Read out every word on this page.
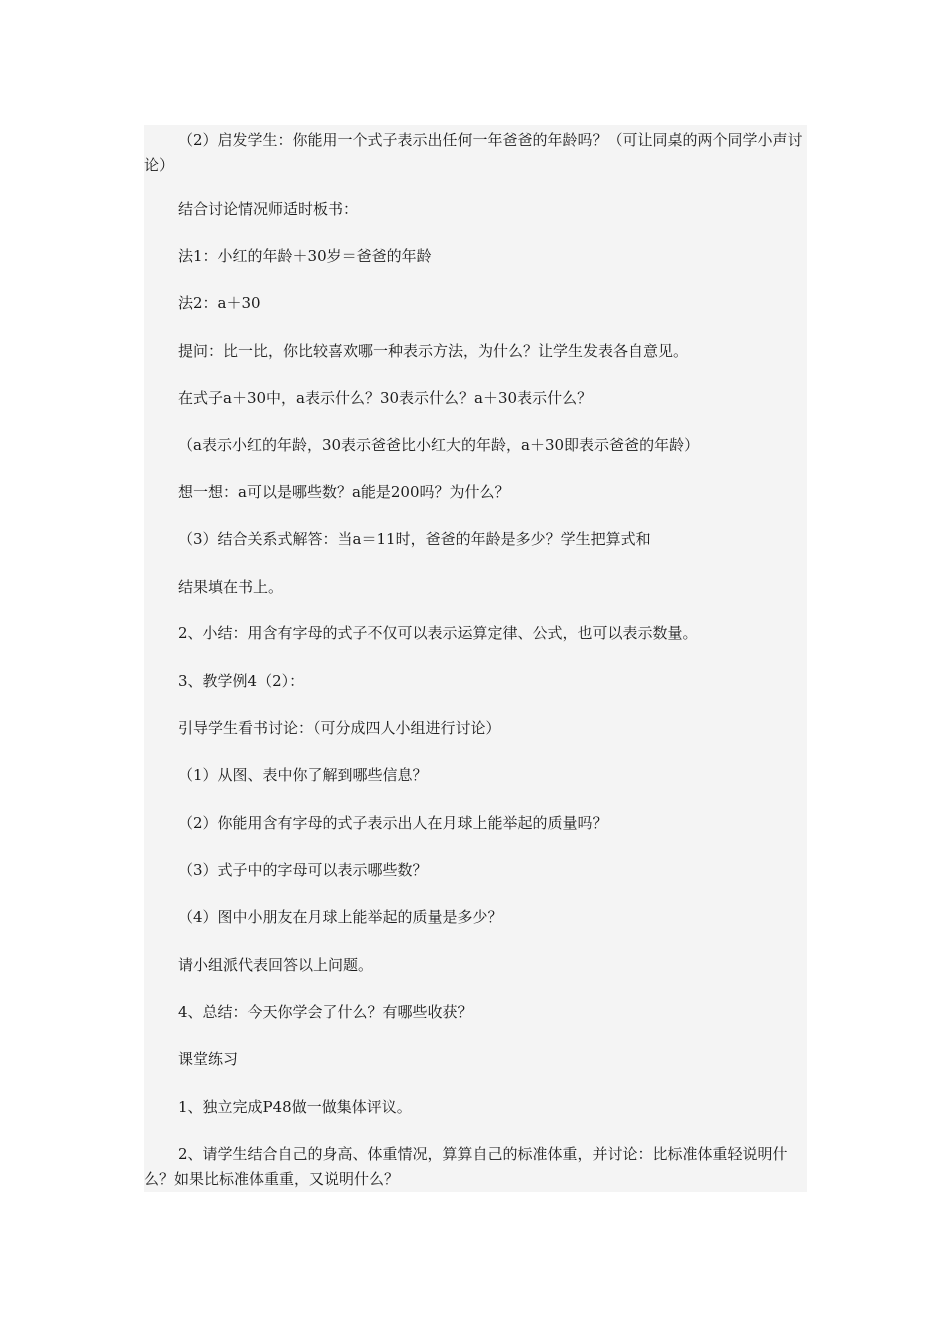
（2）启发学生：你能用一个式子表示出任何一年爸爸的年龄吗？（可让同桌的两个同学小声讨论）
结合讨论情况师适时板书：
法1：小红的年龄＋30岁＝爸爸的年龄
法2：a＋30
提问：比一比，你比较喜欢哪一种表示方法，为什么？让学生发表各自意见。
在式子a＋30中，a表示什么？30表示什么？a＋30表示什么？
（a表示小红的年龄，30表示爸爸比小红大的年龄，a＋30即表示爸爸的年龄）
想一想：a可以是哪些数？a能是200吗？为什么？
（3）结合关系式解答：当a＝11时，爸爸的年龄是多少？学生把算式和
结果填在书上。
2、小结：用含有字母的式子不仅可以表示运算定律、公式，也可以表示数量。
3、教学例4（2）：
引导学生看书讨论：（可分成四人小组进行讨论）
（1）从图、表中你了解到哪些信息？
（2）你能用含有字母的式子表示出人在月球上能举起的质量吗？
（3）式子中的字母可以表示哪些数？
（4）图中小朋友在月球上能举起的质量是多少？
请小组派代表回答以上问题。
4、总结：今天你学会了什么？有哪些收获？
课堂练习
1、独立完成P48做一做集体评议。
2、请学生结合自己的身高、体重情况，算算自己的标准体重，并讨论：比标准体重轻说明什么？如果比标准体重重，又说明什么？
